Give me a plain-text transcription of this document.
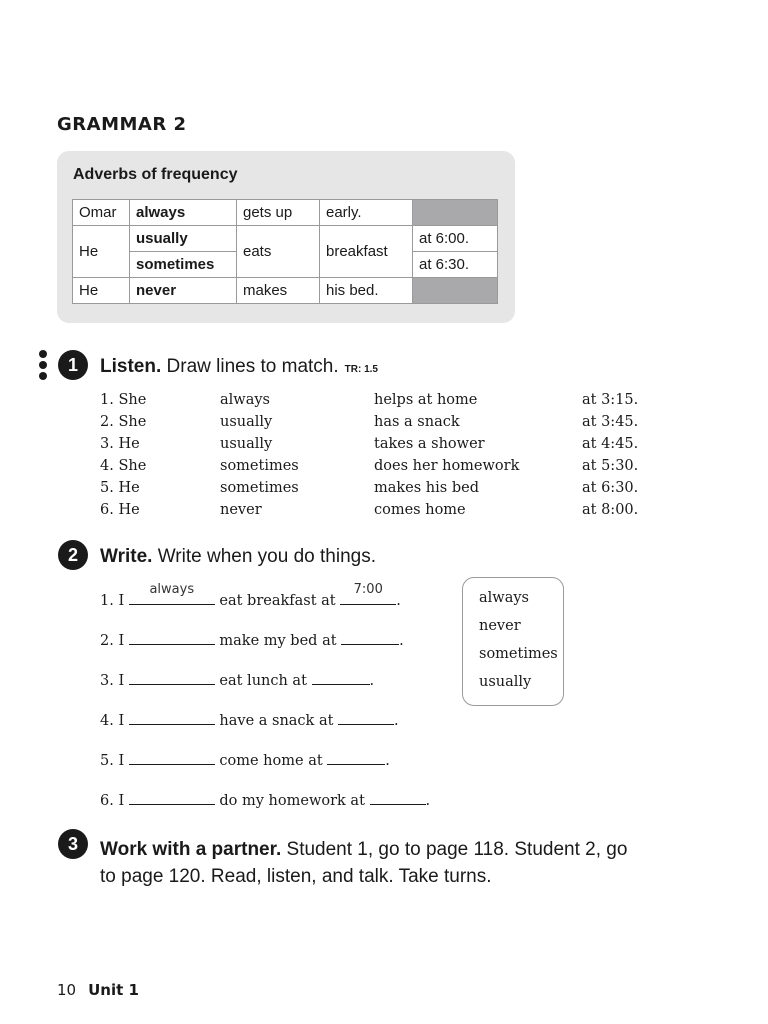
GRAMMAR 2
Adverbs of frequency
Omar	always	gets up	early.	
He	usually	eats	breakfast	at 6:00.
	sometimes			at 6:30.
He	never	makes	his bed.	
1	Listen. Draw lines to match. TR: 1.5
1. She	always	helps at home	at 3:15.
2. She	usually	has a snack	at 3:45.
3. He	usually	takes a shower	at 4:45.
4. She	sometimes	does her homework	at 5:30.
5. He	sometimes	makes his bed	at 6:30.
6. He	never	comes home	at 8:00.
2	Write. Write when you do things.
1. I
always
eat breakfast at
7:00
.
2. I	make my bed at	.
3. I	eat lunch at	.
4. I	have a snack at	.
5. I	come home at	.
6. I	do my homework at	.
always
never
sometimes
usually
3	Work with a partner. Student 1, go to page 118. Student 2, go to page 120. Read, listen, and talk. Take turns.
10 Unit 1
